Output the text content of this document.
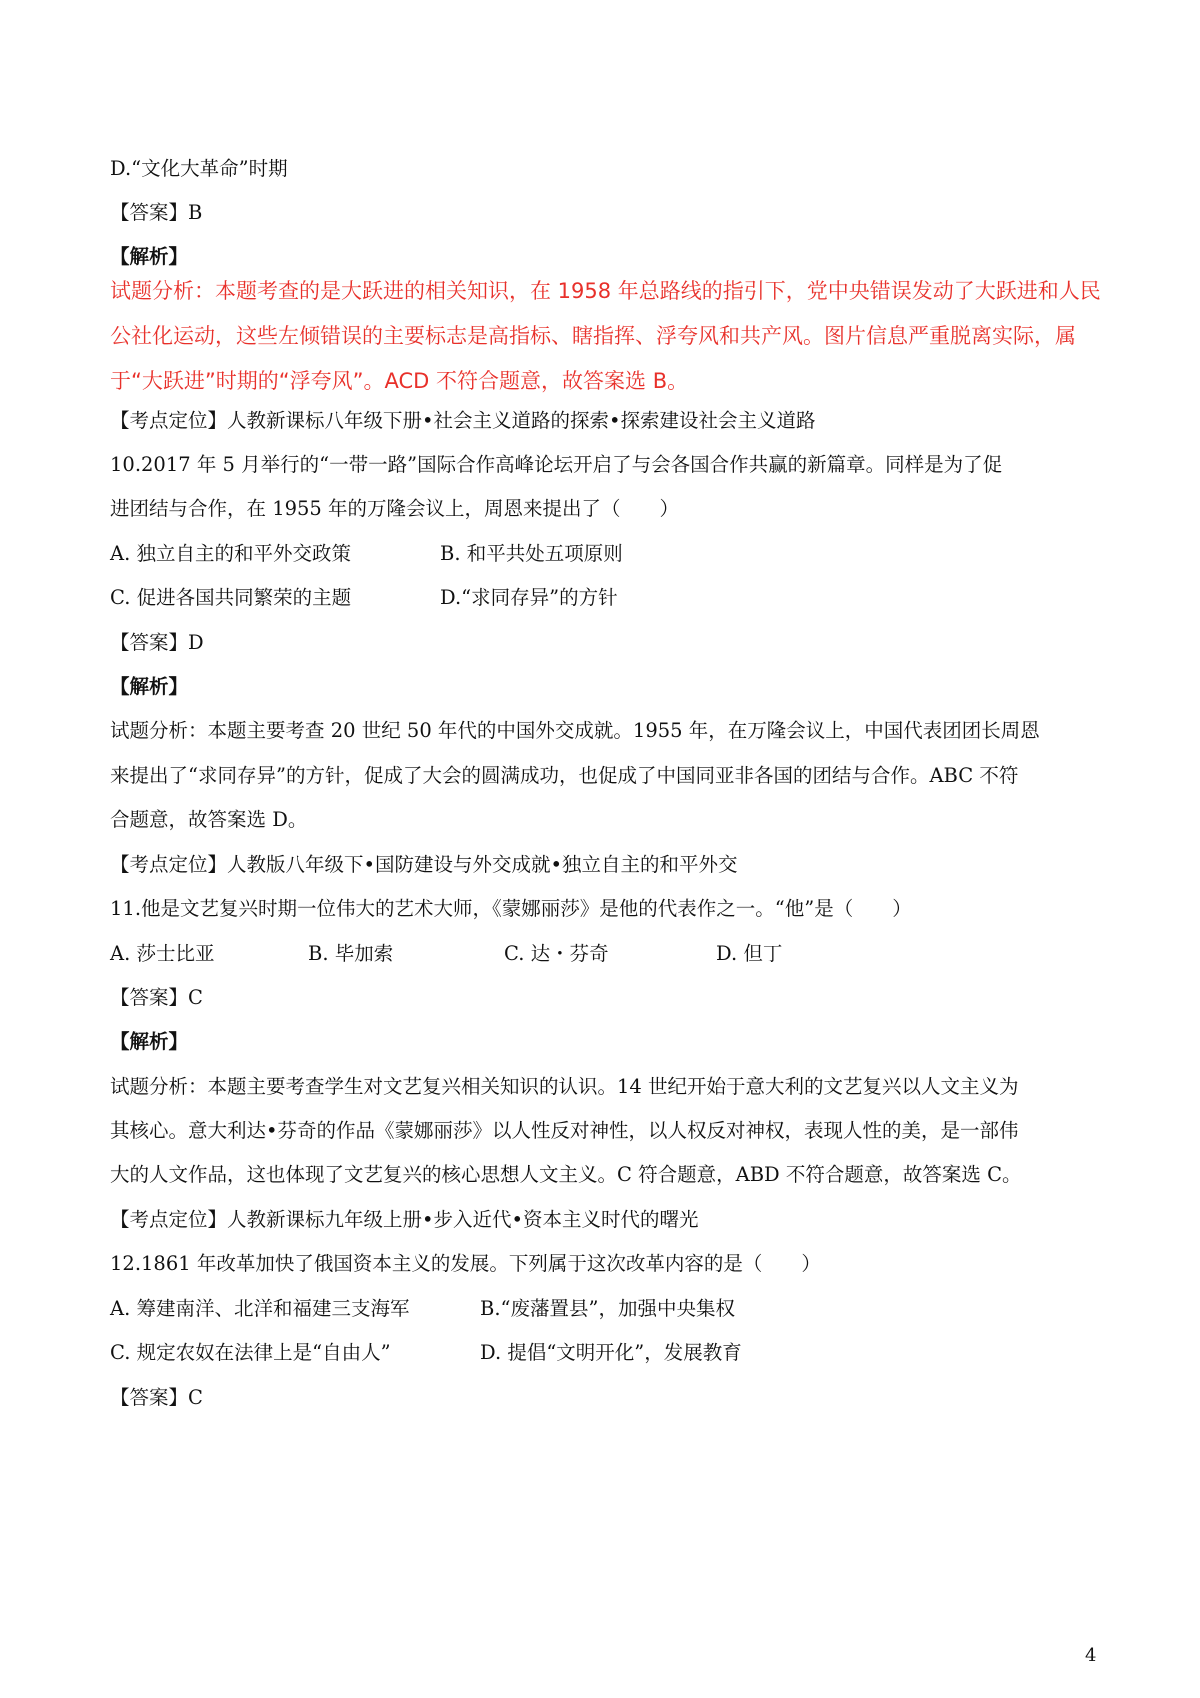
D.“文化大革命”时期
【答案】B
【解析】
试题分析：本题考查的是大跃进的相关知识，在 1958 年总路线的指引下，党中央错误发动了大跃进和人民
公社化运动，这些左倾错误的主要标志是高指标、瞎指挥、浮夸风和共产风。图片信息严重脱离实际，属
于“大跃进”时期的“浮夸风”。ACD 不符合题意，故答案选 B。
【考点定位】人教新课标八年级下册•社会主义道路的探索•探索建设社会主义道路
10.2017 年 5 月举行的“一带一路”国际合作高峰论坛开启了与会各国合作共赢的新篇章。同样是为了促
进团结与合作，在 1955 年的万隆会议上，周恩来提出了（　　）
A. 独立自主的和平外交政策	B. 和平共处五项原则
C. 促进各国共同繁荣的主题	D.“求同存异”的方针
【答案】D
【解析】
试题分析：本题主要考查 20 世纪 50 年代的中国外交成就。1955 年，在万隆会议上，中国代表团团长周恩
来提出了“求同存异”的方针，促成了大会的圆满成功，也促成了中国同亚非各国的团结与合作。ABC 不符
合题意，故答案选 D。
【考点定位】人教版八年级下•国防建设与外交成就•独立自主的和平外交
11.他是文艺复兴时期一位伟大的艺术大师，《蒙娜丽莎》是他的代表作之一。“他”是（　　）
A. 莎士比亚	B. 毕加索	C. 达・芬奇	D. 但丁
【答案】C
【解析】
试题分析：本题主要考查学生对文艺复兴相关知识的认识。14 世纪开始于意大利的文艺复兴以人文主义为
其核心。意大利达•芬奇的作品《蒙娜丽莎》以人性反对神性，以人权反对神权，表现人性的美，是一部伟
大的人文作品，这也体现了文艺复兴的核心思想人文主义。C 符合题意，ABD 不符合题意，故答案选 C。
【考点定位】人教新课标九年级上册•步入近代•资本主义时代的曙光
12.1861 年改革加快了俄国资本主义的发展。下列属于这次改革内容的是（　　）
A. 筹建南洋、北洋和福建三支海军	B.“废藩置县”，加强中央集权
C. 规定农奴在法律上是“自由人”	D. 提倡“文明开化”，发展教育
【答案】C
4
